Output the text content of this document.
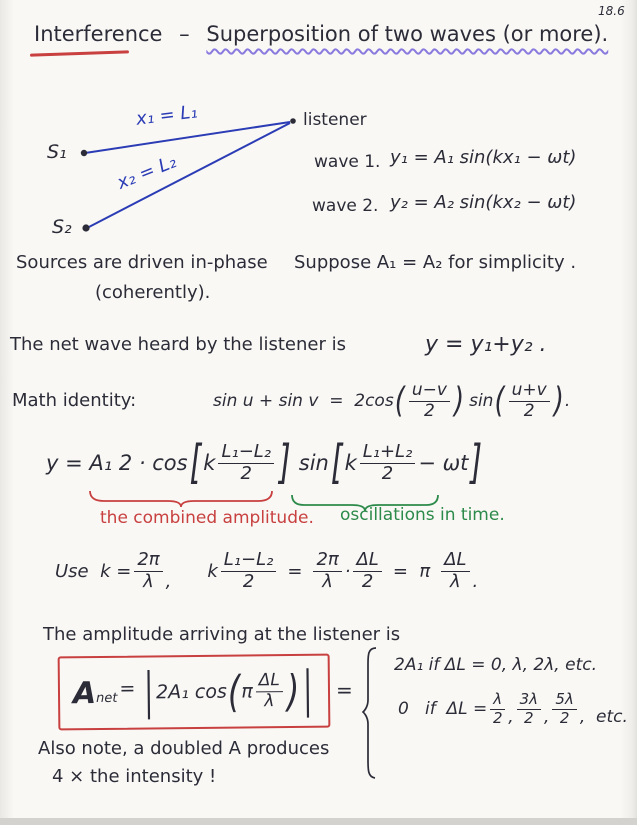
18.6
Interference – Superposition of two waves (or more).
S₁
S₂
listener
x₁ = L₁
x₂ = L₂	wave 1. y₁ = A₁ sin(kx₁ − ωt)
wave 2. y₂ = A₂ sin(kx₂ − ωt)
Sources are driven in-phase
(coherently).
Suppose A₁ = A₂ for simplicity .
The net wave heard by the listener is	y = y₁+y₂ .
Math identity:	sin u + sin v  =  2cos ( $\frac{u-v}{2}$ ) sin ( $\frac{u+v}{2}$ ) .
y = A₁ 2 · cos [ k $\frac{\text{L₁−L₂}}{2}$ ] sin [ k $\frac{\text{L₁+L₂}}{2} - \omega t$ ]
the combined amplitude. oscillations in time.
Use  $k = \frac{2\pi}{\lambda}$ , k $\frac{\text{L₁−L₂}}{2} = \frac{2\pi}{\lambda} \cdot \frac{\Delta L}{2} = \pi \frac{\Delta L}{\lambda}$ .
The amplitude arriving at the listener is
A net = | 2A₁ cos ( π $\frac{\Delta L}{\lambda}$ ) | =
2A₁ if ΔL = 0, λ, 2λ, etc.
0   if  $\Delta L = \frac{\lambda}{2}$ , $\frac{3\lambda}{2}$ , $\frac{5\lambda}{2}$ ,  etc.
Also note, a doubled A produces
4 × the intensity !
